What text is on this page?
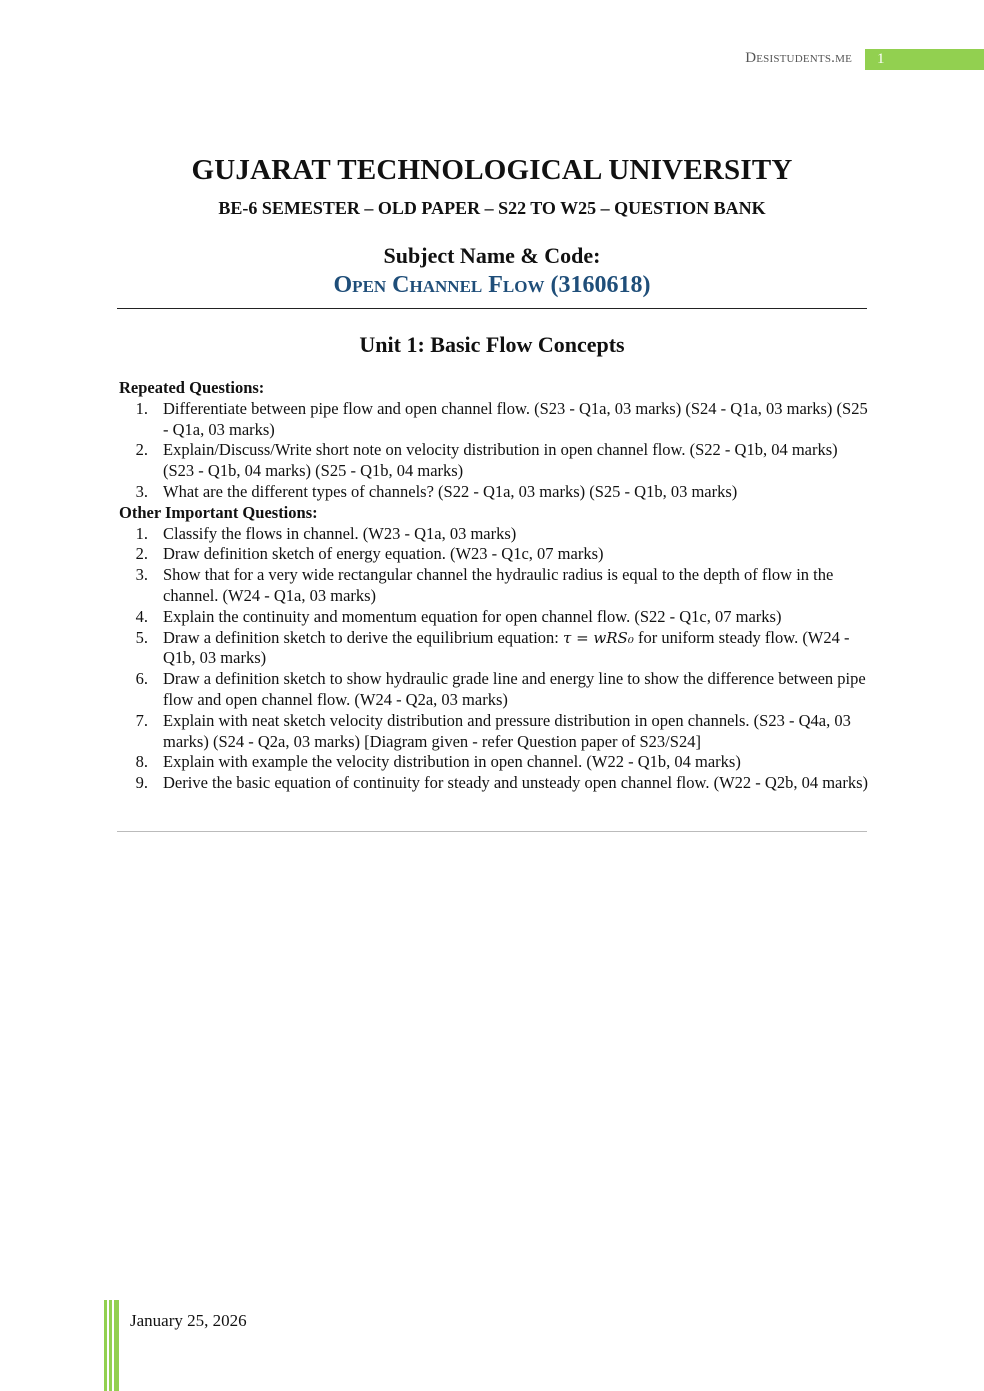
Desistudents.me	1
GUJARAT TECHNOLOGICAL UNIVERSITY
BE-6 SEMESTER – OLD PAPER – S22 TO W25 – QUESTION BANK
Subject Name & Code:
Open Channel Flow (3160618)
Unit 1: Basic Flow Concepts
Repeated Questions:
1. Differentiate between pipe flow and open channel flow. (S23 - Q1a, 03 marks) (S24 - Q1a, 03 marks) (S25 - Q1a, 03 marks)
2. Explain/Discuss/Write short note on velocity distribution in open channel flow. (S22 - Q1b, 04 marks) (S23 - Q1b, 04 marks) (S25 - Q1b, 04 marks)
3. What are the different types of channels? (S22 - Q1a, 03 marks) (S25 - Q1b, 03 marks)
Other Important Questions:
1. Classify the flows in channel. (W23 - Q1a, 03 marks)
2. Draw definition sketch of energy equation. (W23 - Q1c, 07 marks)
3. Show that for a very wide rectangular channel the hydraulic radius is equal to the depth of flow in the channel. (W24 - Q1a, 03 marks)
4. Explain the continuity and momentum equation for open channel flow. (S22 - Q1c, 07 marks)
5. Draw a definition sketch to derive the equilibrium equation: τ = wRS₀ for uniform steady flow. (W24 - Q1b, 03 marks)
6. Draw a definition sketch to show hydraulic grade line and energy line to show the difference between pipe flow and open channel flow. (W24 - Q2a, 03 marks)
7. Explain with neat sketch velocity distribution and pressure distribution in open channels. (S23 - Q4a, 03 marks) (S24 - Q2a, 03 marks) [Diagram given - refer Question paper of S23/S24]
8. Explain with example the velocity distribution in open channel. (W22 - Q1b, 04 marks)
9. Derive the basic equation of continuity for steady and unsteady open channel flow. (W22 - Q2b, 04 marks)
January 25, 2026
